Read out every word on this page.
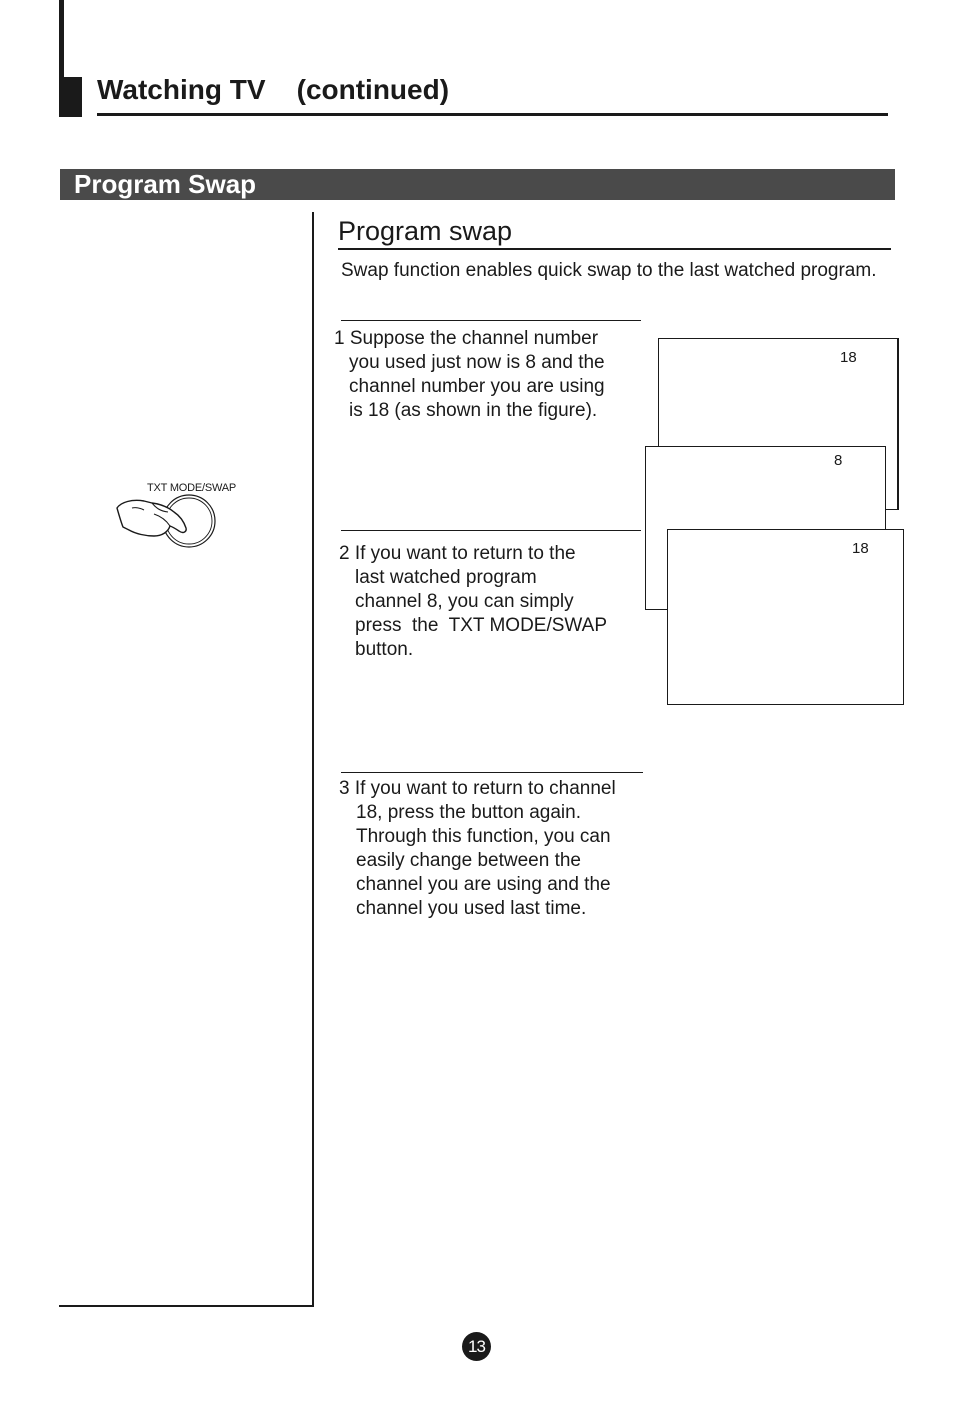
Watching TV    (continued)
Program Swap
TXT MODE/SWAP
Program swap
Swap function enables quick swap to the last watched program.
1 Suppose the channel number
you used just now is 8 and the
channel number you are using
is 18 (as shown in the figure).
2 If you want to return to the
last watched program
channel 8, you can simply
press  the  TXT MODE/SWAP
button.
3 If you want to return to channel
18, press the button again.
Through this function, you can
easily change between the
channel you are using and the
channel you used last time.
18
8
18
13
